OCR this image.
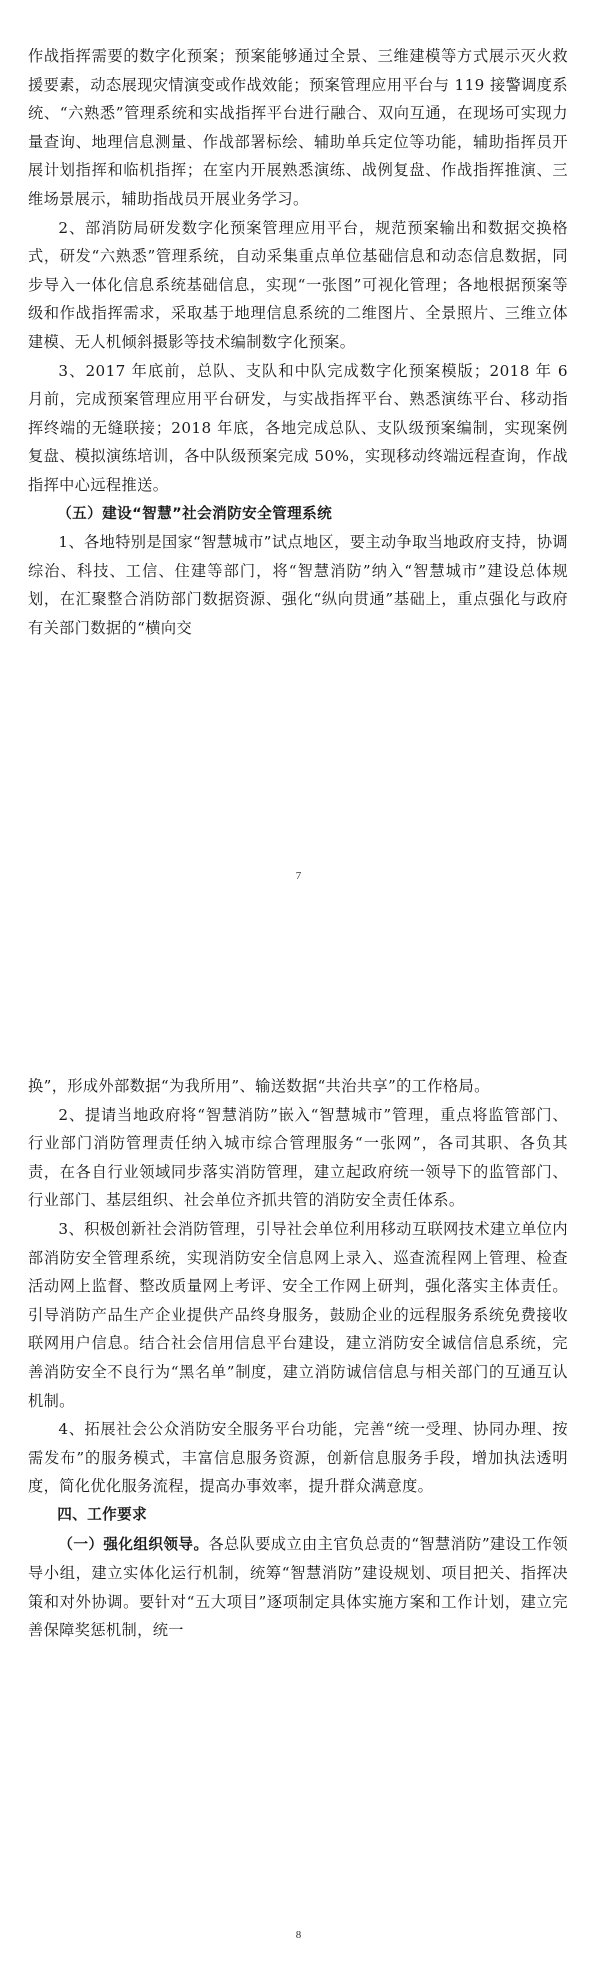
作战指挥需要的数字化预案；预案能够通过全景、三维建模等方式展示灭火救援要素，动态展现灾情演变或作战效能；预案管理应用平台与 119 接警调度系统、“六熟悉”管理系统和实战指挥平台进行融合、双向互通，在现场可实现力量查询、地理信息测量、作战部署标绘、辅助单兵定位等功能，辅助指挥员开展计划指挥和临机指挥；在室内开展熟悉演练、战例复盘、作战指挥推演、三维场景展示，辅助指战员开展业务学习。

2、部消防局研发数字化预案管理应用平台，规范预案输出和数据交换格式，研发“六熟悉”管理系统，自动采集重点单位基础信息和动态信息数据，同步导入一体化信息系统基础信息，实现“一张图”可视化管理；各地根据预案等级和作战指挥需求，采取基于地理信息系统的二维图片、全景照片、三维立体建模、无人机倾斜摄影等技术编制数字化预案。

3、2017 年底前，总队、支队和中队完成数字化预案模版；2018 年 6 月前，完成预案管理应用平台研发，与实战指挥平台、熟悉演练平台、移动指挥终端的无缝联接；2018 年底，各地完成总队、支队级预案编制，实现案例复盘、模拟演练培训，各中队级预案完成 50%，实现移动终端远程查询，作战指挥中心远程推送。

（五）建设“智慧”社会消防安全管理系统

1、各地特别是国家“智慧城市”试点地区，要主动争取当地政府支持，协调综治、科技、工信、住建等部门，将“智慧消防”纳入“智慧城市”建设总体规划，在汇聚整合消防部门数据资源、强化“纵向贯通”基础上，重点强化与政府有关部门数据的“横向交

7

换”，形成外部数据“为我所用”、输送数据“共治共享”的工作格局。

2、提请当地政府将“智慧消防”嵌入“智慧城市”管理，重点将监管部门、行业部门消防管理责任纳入城市综合管理服务“一张网”，各司其职、各负其责，在各自行业领域同步落实消防管理，建立起政府统一领导下的监管部门、行业部门、基层组织、社会单位齐抓共管的消防安全责任体系。

3、积极创新社会消防管理，引导社会单位利用移动互联网技术建立单位内部消防安全管理系统，实现消防安全信息网上录入、巡查流程网上管理、检查活动网上监督、整改质量网上考评、安全工作网上研判，强化落实主体责任。引导消防产品生产企业提供产品终身服务，鼓励企业的远程服务系统免费接收联网用户信息。结合社会信用信息平台建设，建立消防安全诚信信息系统，完善消防安全不良行为“黑名单”制度，建立消防诚信信息与相关部门的互通互认机制。

4、拓展社会公众消防安全服务平台功能，完善“统一受理、协同办理、按需发布”的服务模式，丰富信息服务资源，创新信息服务手段，增加执法透明度，简化优化服务流程，提高办事效率，提升群众满意度。

四、工作要求

（一）强化组织领导。各总队要成立由主官负总责的“智慧消防”建设工作领导小组，建立实体化运行机制，统筹“智慧消防”建设规划、项目把关、指挥决策和对外协调。要针对“五大项目”逐项制定具体实施方案和工作计划，建立完善保障奖惩机制，统一

8
